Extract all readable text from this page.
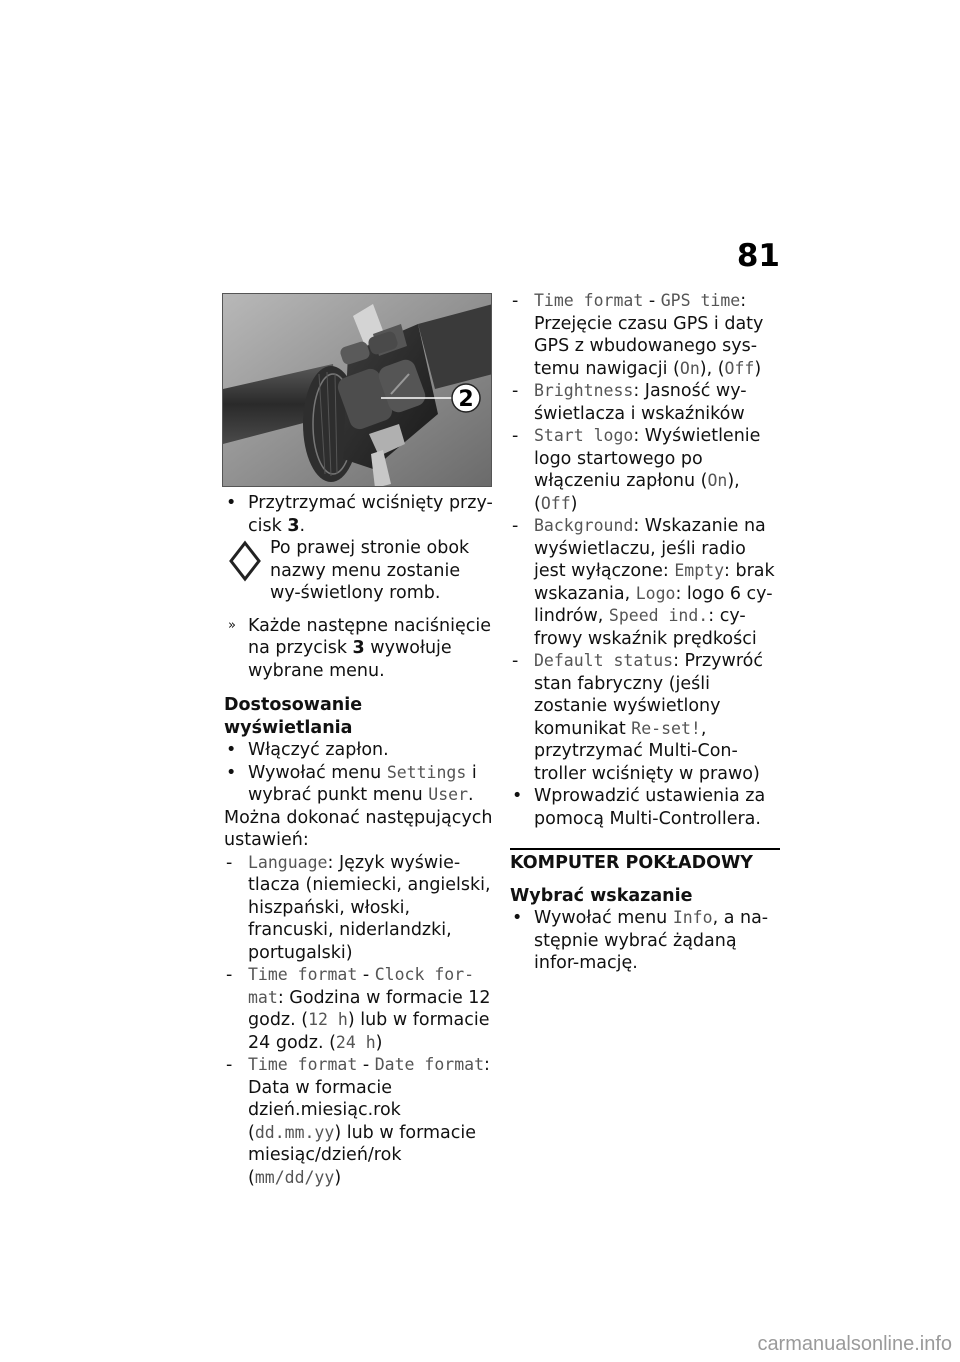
81
2

• Przytrzymać wciśnięty przy-cisk 3.

Po prawej stronie obok nazwy menu zostanie wy-świetlony romb.

» Każde następne naciśnięcie na przycisk 3 wywołuje wybrane menu.

Dostosowanie wyświetlania

• Włączyć zapłon.

• Wywołać menu Settings i wybrać punkt menu User.

Można dokonać następujących ustawień:

- Language: Język wyświe-tlacza (niemiecki, angielski, hiszpański, włoski, francuski, niderlandzki, portugalski)

- Time format - Clock for-mat: Godzina w formacie 12 godz. (12 h) lub w formacie 24 godz. (24 h)

- Time format - Date format: Data w formacie dzień.miesiąc.rok (dd.mm.yy) lub w formacie miesiąc/dzień/rok (mm/dd/yy)

- Time format - GPS time: Przejęcie czasu GPS i daty GPS z wbudowanego sys-temu nawigacji (On), (Off)

- Brightness: Jasność wy-świetlacza i wskaźników

- Start logo: Wyświetlenie logo startowego po włączeniu zapłonu (On), (Off)

- Background: Wskazanie na wyświetlaczu, jeśli radio jest wyłączone: Empty: brak wskazania, Logo: logo 6 cy-lindrów, Speed ind.: cy-frowy wskaźnik prędkości

- Default status: Przywróć stan fabryczny (jeśli zostanie wyświetlony komunikat Re-set!, przytrzymać Multi-Con-troller wciśnięty w prawo)

• Wprowadzić ustawienia za pomocą Multi-Controllera.

KOMPUTER POKŁADOWY

Wybrać wskazanie

• Wywołać menu Info, a na-stępnie wybrać żądaną infor-mację.

carmanualsonline.info
